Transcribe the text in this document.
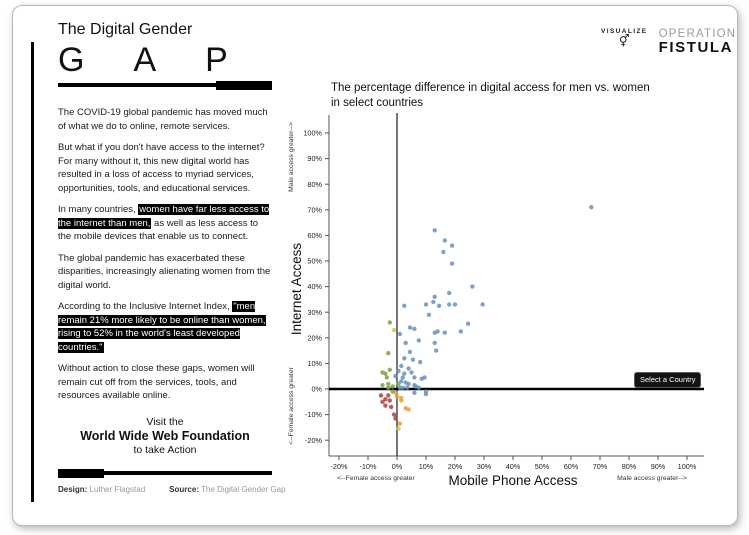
The Digital Gender
GAP

The COVID-19 global pandemic has moved much of what we do to online, remote services.

But what if you don't have access to the internet? For many without it, this new digital world has resulted in a loss of access to myriad services, opportunities, tools, and educational services.

In many countries, women have far less access to the internet than men, as well as less access to the mobile devices that enable us to connect.

The global pandemic has exacerbated these disparities, increasingly alienating women from the digital world.

According to the Inclusive Internet Index, "men remain 21% more likely to be online than women, rising to 52% in the world's least developed countries."

Without action to close these gaps, women will remain cut off from the services, tools, and resources available online.

Visit the
World Wide Web Foundation
to take Action
Design: Luther Flagstad	Source: The Digital Gender Gap
VISUALIZE
⚥	OPERATION
FISTULA
The percentage difference in digital access for men vs. women
in select countries
-20%
-10%
0%
10%
20%
30%
40%
50%
60%
70%
80%
90%
100%
-20% -10% 0% 10% 20% 30% 40% 50% 60% 70% 80% 90% 100%
Male access greater-->
<--Female access greater
Internet Access
<--Female access greater	Male access greater-->
Mobile Phone Access
Select a Country
